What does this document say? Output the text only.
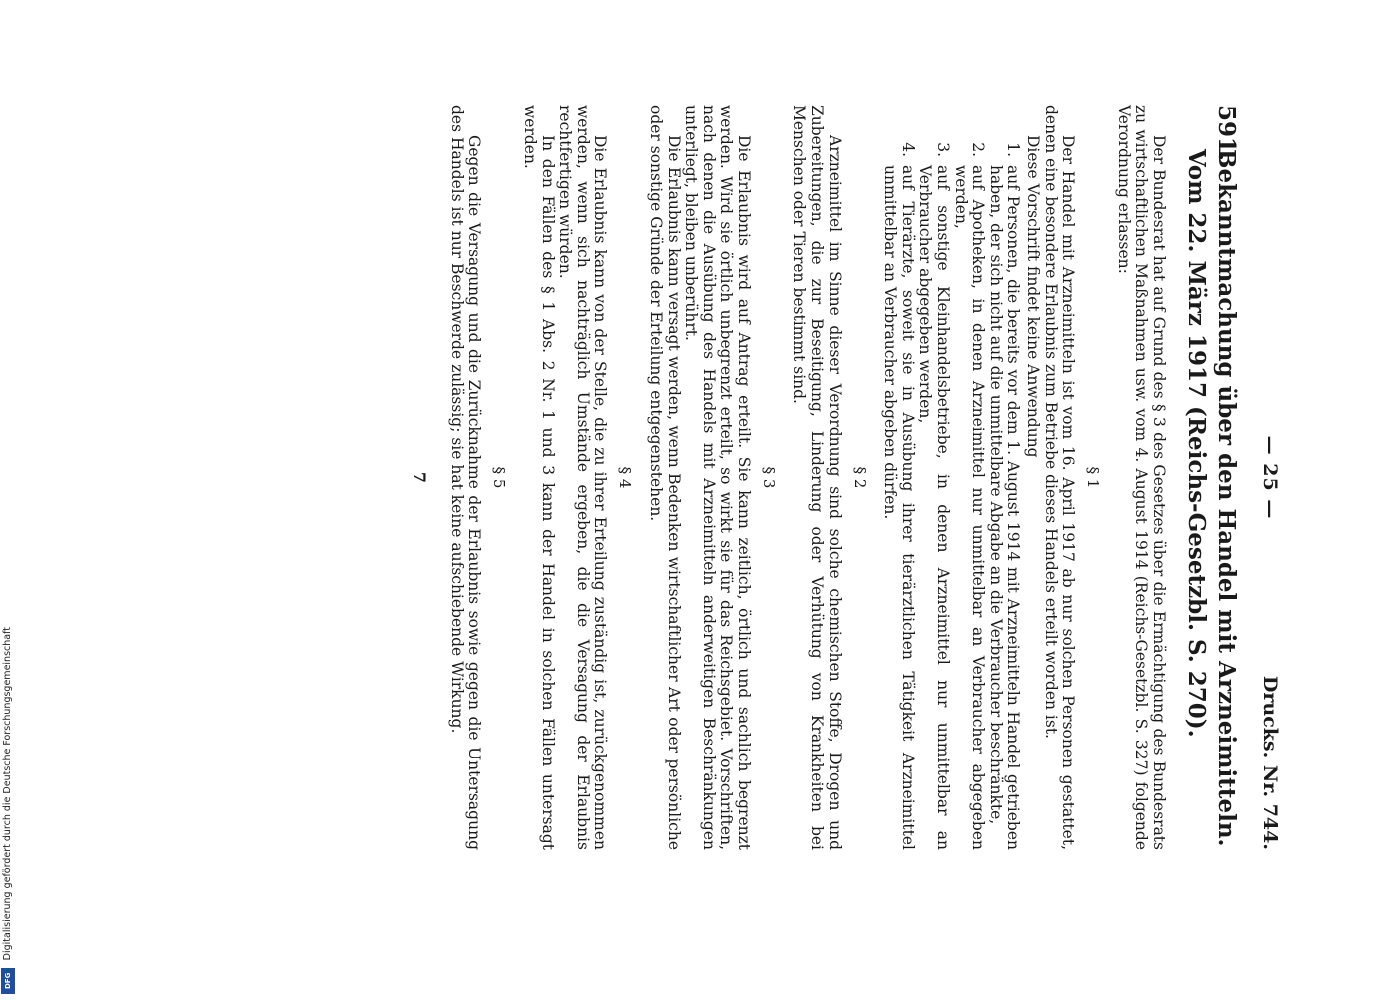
Digitalisierung gefördert durch die Deutsche Forschungsgemeinschaft
DFG
— 25 —
Drucks. Nr. 744.
591.
Bekanntmachung über den Handel mit Arzneimitteln.
Vom 22. März 1917 (Reichs-Gesetzbl. S. 270).

Der Bundesrat hat auf Grund des § 3 des Gesetzes über die Ermächtigung des Bundesrats zu wirtschaftlichen Maßnahmen usw. vom 4. August 1914 (Reichs-Gesetzbl. S. 327) folgende Verordnung erlassen:

§ 1

Der Handel mit Arzneimitteln ist vom 16. April 1917 ab nur solchen Personen gestattet, denen eine besondere Erlaubnis zum Betriebe dieses Handels erteilt worden ist.

Diese Vorschrift findet keine Anwendung

1.
auf Personen, die bereits vor dem 1. August 1914 mit Arzneimitteln Handel getrieben haben, der sich nicht auf die unmittelbare Abgabe an die Verbraucher beschränkte,
2.
auf Apotheken, in denen Arzneimittel nur unmittelbar an Verbraucher abgegeben werden,
3.
auf sonstige Kleinhandelsbetriebe, in denen Arzneimittel nur unmittelbar an Verbraucher abgegeben werden,
4.
auf Tierärzte, soweit sie in Ausübung ihrer tierärztlichen Tätigkeit Arzneimittel unmittelbar an Verbraucher abgeben dürfen.
§ 2

Arzneimittel im Sinne dieser Verordnung sind solche chemischen Stoffe, Drogen und Zubereitungen, die zur Beseitigung, Linderung oder Verhütung von Krankheiten bei Menschen oder Tieren bestimmt sind.

§ 3

Die Erlaubnis wird auf Antrag erteilt. Sie kann zeitlich, örtlich und sachlich begrenzt werden. Wird sie örtlich unbegrenzt erteilt, so wirkt sie für das Reichsgebiet. Vorschriften, nach denen die Ausübung des Handels mit Arzneimitteln anderweitigen Beschränkungen unterliegt, bleiben unberührt.

Die Erlaubnis kann versagt werden, wenn Bedenken wirtschaftlicher Art oder persönliche oder sonstige Gründe der Erteilung entgegenstehen.

§ 4

Die Erlaubnis kann von der Stelle, die zu ihrer Erteilung zuständig ist, zurückgenommen werden, wenn sich nachträglich Umstände ergeben, die die Versagung der Erlaubnis rechtfertigen würden.

In den Fällen des § 1 Abs. 2 Nr. 1 und 3 kann der Handel in solchen Fällen untersagt werden.

§ 5

Gegen die Versagung und die Zurücknahme der Erlaubnis sowie gegen die Untersagung des Handels ist nur Beschwerde zulässig; sie hat keine aufschiebende Wirkung.

7
